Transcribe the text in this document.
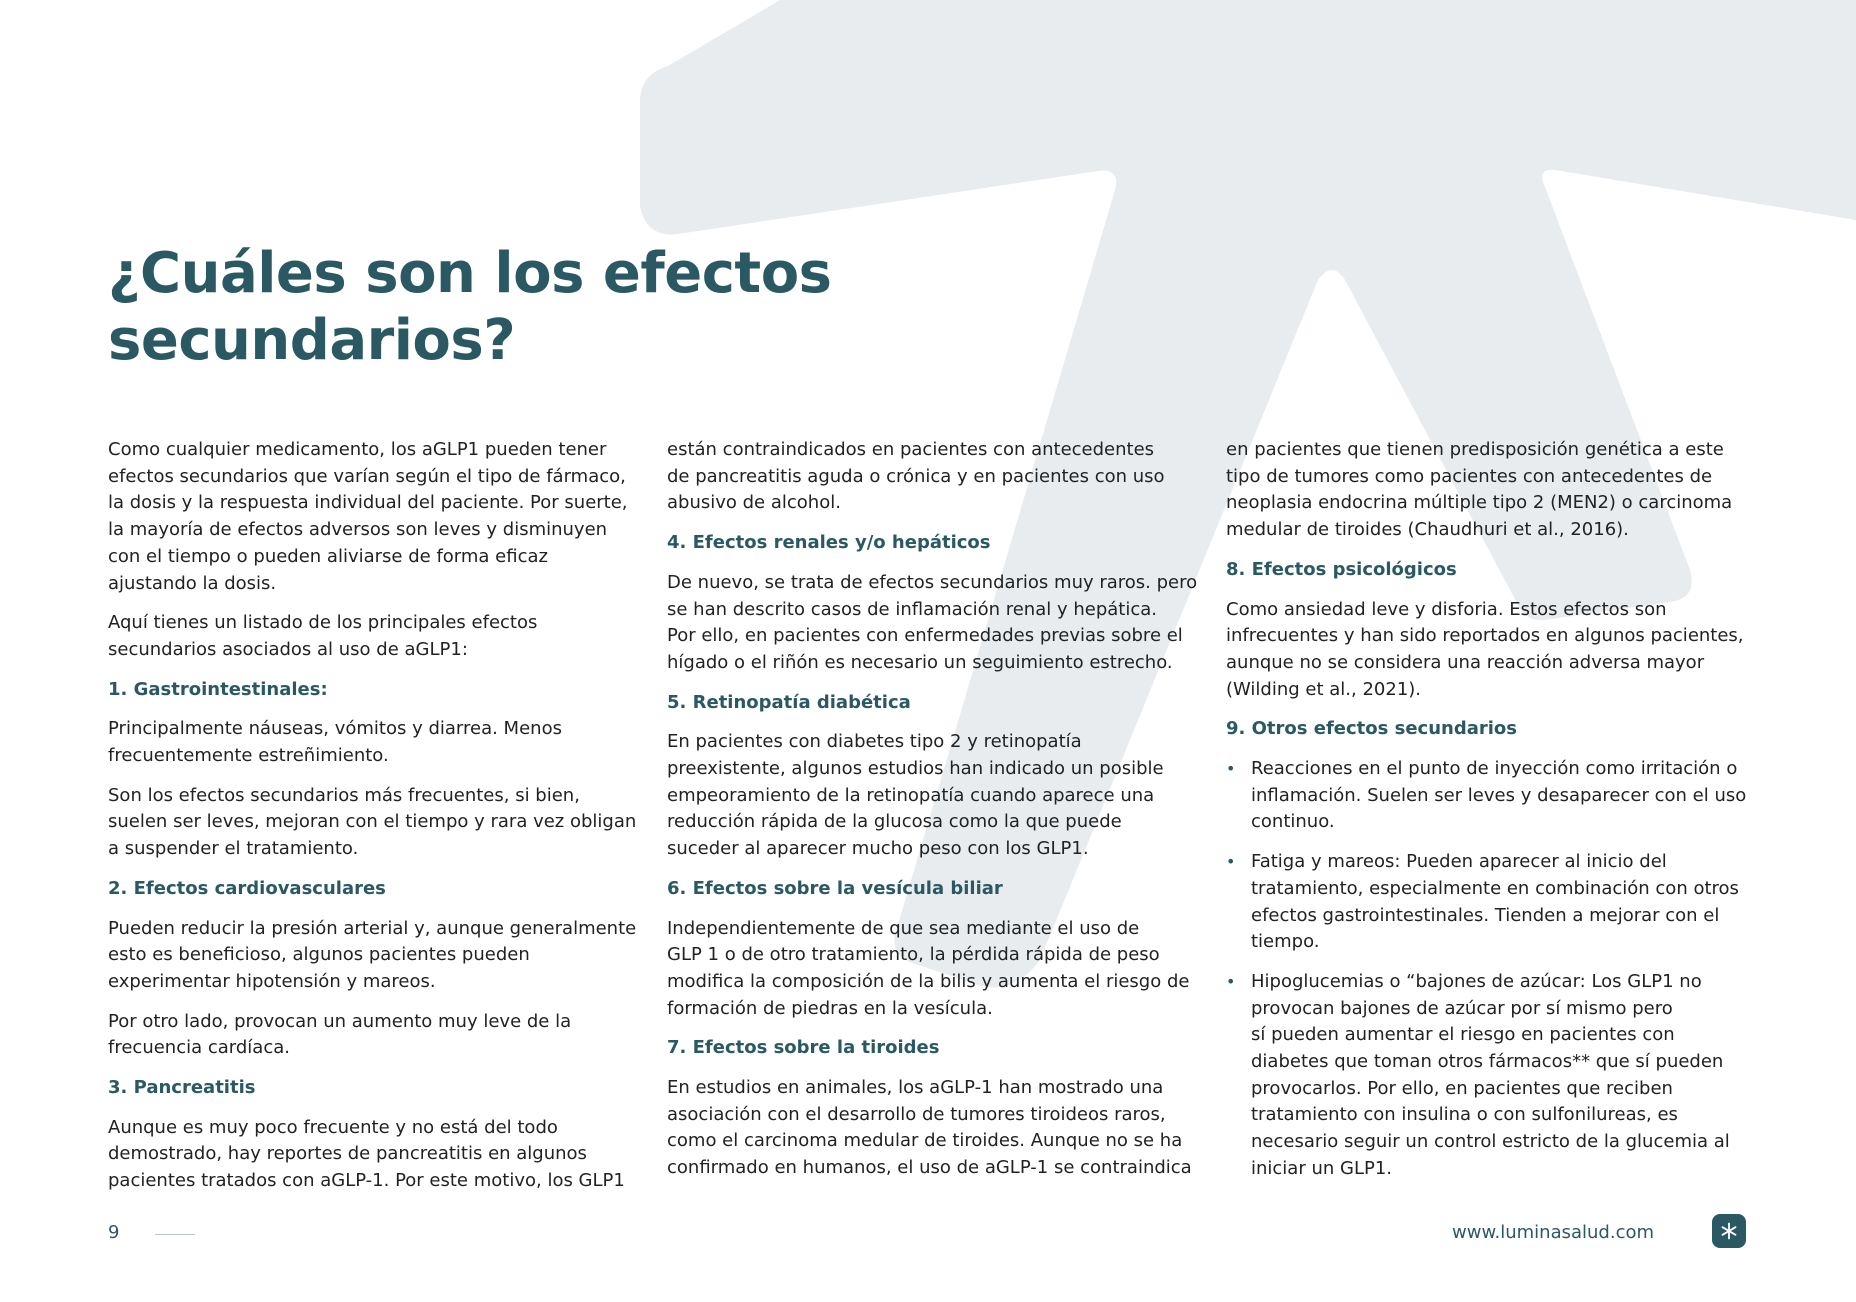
¿Cuáles son los efectos
secundarios?

Como cualquier medicamento, los aGLP1 pueden tener
efectos secundarios que varían según el tipo de fármaco,
la dosis y la respuesta individual del paciente. Por suerte,
la mayoría de efectos adversos son leves y disminuyen
con el tiempo o pueden aliviarse de forma eficaz
ajustando la dosis.

Aquí tienes un listado de los principales efectos
secundarios asociados al uso de aGLP1:

1. Gastrointestinales:

Principalmente náuseas, vómitos y diarrea. Menos
frecuentemente estreñimiento.

Son los efectos secundarios más frecuentes, si bien,
suelen ser leves, mejoran con el tiempo y rara vez obligan
a suspender el tratamiento.

2. Efectos cardiovasculares

Pueden reducir la presión arterial y, aunque generalmente
esto es beneficioso, algunos pacientes pueden
experimentar hipotensión y mareos.

Por otro lado, provocan un aumento muy leve de la
frecuencia cardíaca.

3. Pancreatitis

Aunque es muy poco frecuente y no está del todo
demostrado, hay reportes de pancreatitis en algunos
pacientes tratados con aGLP-1. Por este motivo, los GLP1

están contraindicados en pacientes con antecedentes
de pancreatitis aguda o crónica y en pacientes con uso
abusivo de alcohol.

4. Efectos renales y/o hepáticos

De nuevo, se trata de efectos secundarios muy raros. pero
se han descrito casos de inflamación renal y hepática.
Por ello, en pacientes con enfermedades previas sobre el
hígado o el riñón es necesario un seguimiento estrecho.

5. Retinopatía diabética

En pacientes con diabetes tipo 2 y retinopatía
preexistente, algunos estudios han indicado un posible
empeoramiento de la retinopatía cuando aparece una
reducción rápida de la glucosa como la que puede
suceder al aparecer mucho peso con los GLP1.

6. Efectos sobre la vesícula biliar

Independientemente de que sea mediante el uso de
GLP 1 o de otro tratamiento, la pérdida rápida de peso
modifica la composición de la bilis y aumenta el riesgo de
formación de piedras en la vesícula.

7. Efectos sobre la tiroides

En estudios en animales, los aGLP-1 han mostrado una
asociación con el desarrollo de tumores tiroideos raros,
como el carcinoma medular de tiroides. Aunque no se ha
confirmado en humanos, el uso de aGLP-1 se contraindica

en pacientes que tienen predisposición genética a este
tipo de tumores como pacientes con antecedentes de
neoplasia endocrina múltiple tipo 2 (MEN2) o carcinoma
medular de tiroides (Chaudhuri et al., 2016).

8. Efectos psicológicos

Como ansiedad leve y disforia. Estos efectos son
infrecuentes y han sido reportados en algunos pacientes,
aunque no se considera una reacción adversa mayor
(Wilding et al., 2021).

9. Otros efectos secundarios
• Reacciones en el punto de inyección como irritación o
inflamación. Suelen ser leves y desaparecer con el uso
continuo.
• Fatiga y mareos: Pueden aparecer al inicio del
tratamiento, especialmente en combinación con otros
efectos gastrointestinales. Tienden a mejorar con el
tiempo.
• Hipoglucemias o “bajones de azúcar: Los GLP1 no
provocan bajones de azúcar por sí mismo pero
sí pueden aumentar el riesgo en pacientes con
diabetes que toman otros fármacos** que sí pueden
provocarlos. Por ello, en pacientes que reciben
tratamiento con insulina o con sulfonilureas, es
necesario seguir un control estricto de la glucemia al
iniciar un GLP1.
9	www.luminasalud.com
